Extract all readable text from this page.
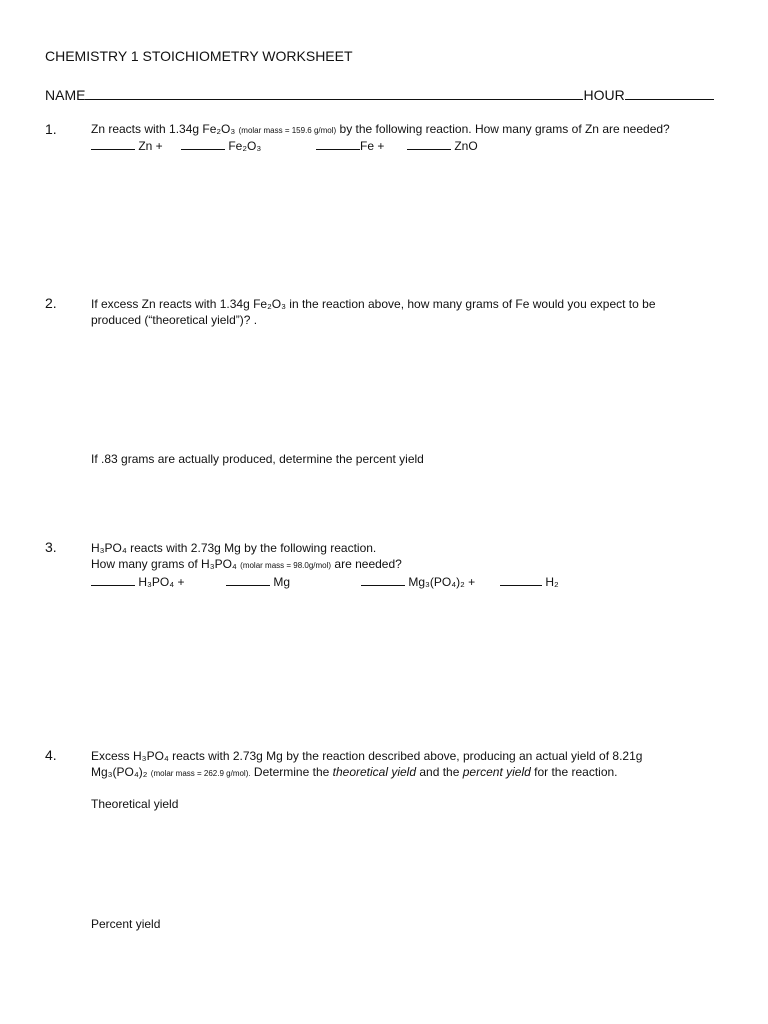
CHEMISTRY 1 STOICHIOMETRY WORKSHEET
NAME	HOUR
1.	Zn reacts with 1.34g Fe₂O₃ (molar mass = 159.6 g/mol) by the following reaction. How many grams of Zn are needed?
Zn +	Fe₂O₃	Fe +	ZnO
2.	If excess Zn reacts with 1.34g Fe₂O₃ in the reaction above, how many grams of Fe would you expect to be
produced (“theoretical yield”)? .
If .83 grams are actually produced, determine the percent yield
3.	H₃PO₄ reacts with 2.73g Mg by the following reaction.
How many grams of H₃PO₄ (molar mass = 98.0g/mol) are needed?
H₃PO₄ +	Mg	Mg₃(PO₄)₂ +	H₂
4.	Excess H₃PO₄ reacts with 2.73g Mg by the reaction described above, producing an actual yield of 8.21g
Mg₃(PO₄)₂ (molar mass = 262.9 g/mol). Determine the theoretical yield and the percent yield for the reaction.
Theoretical yield
Percent yield
